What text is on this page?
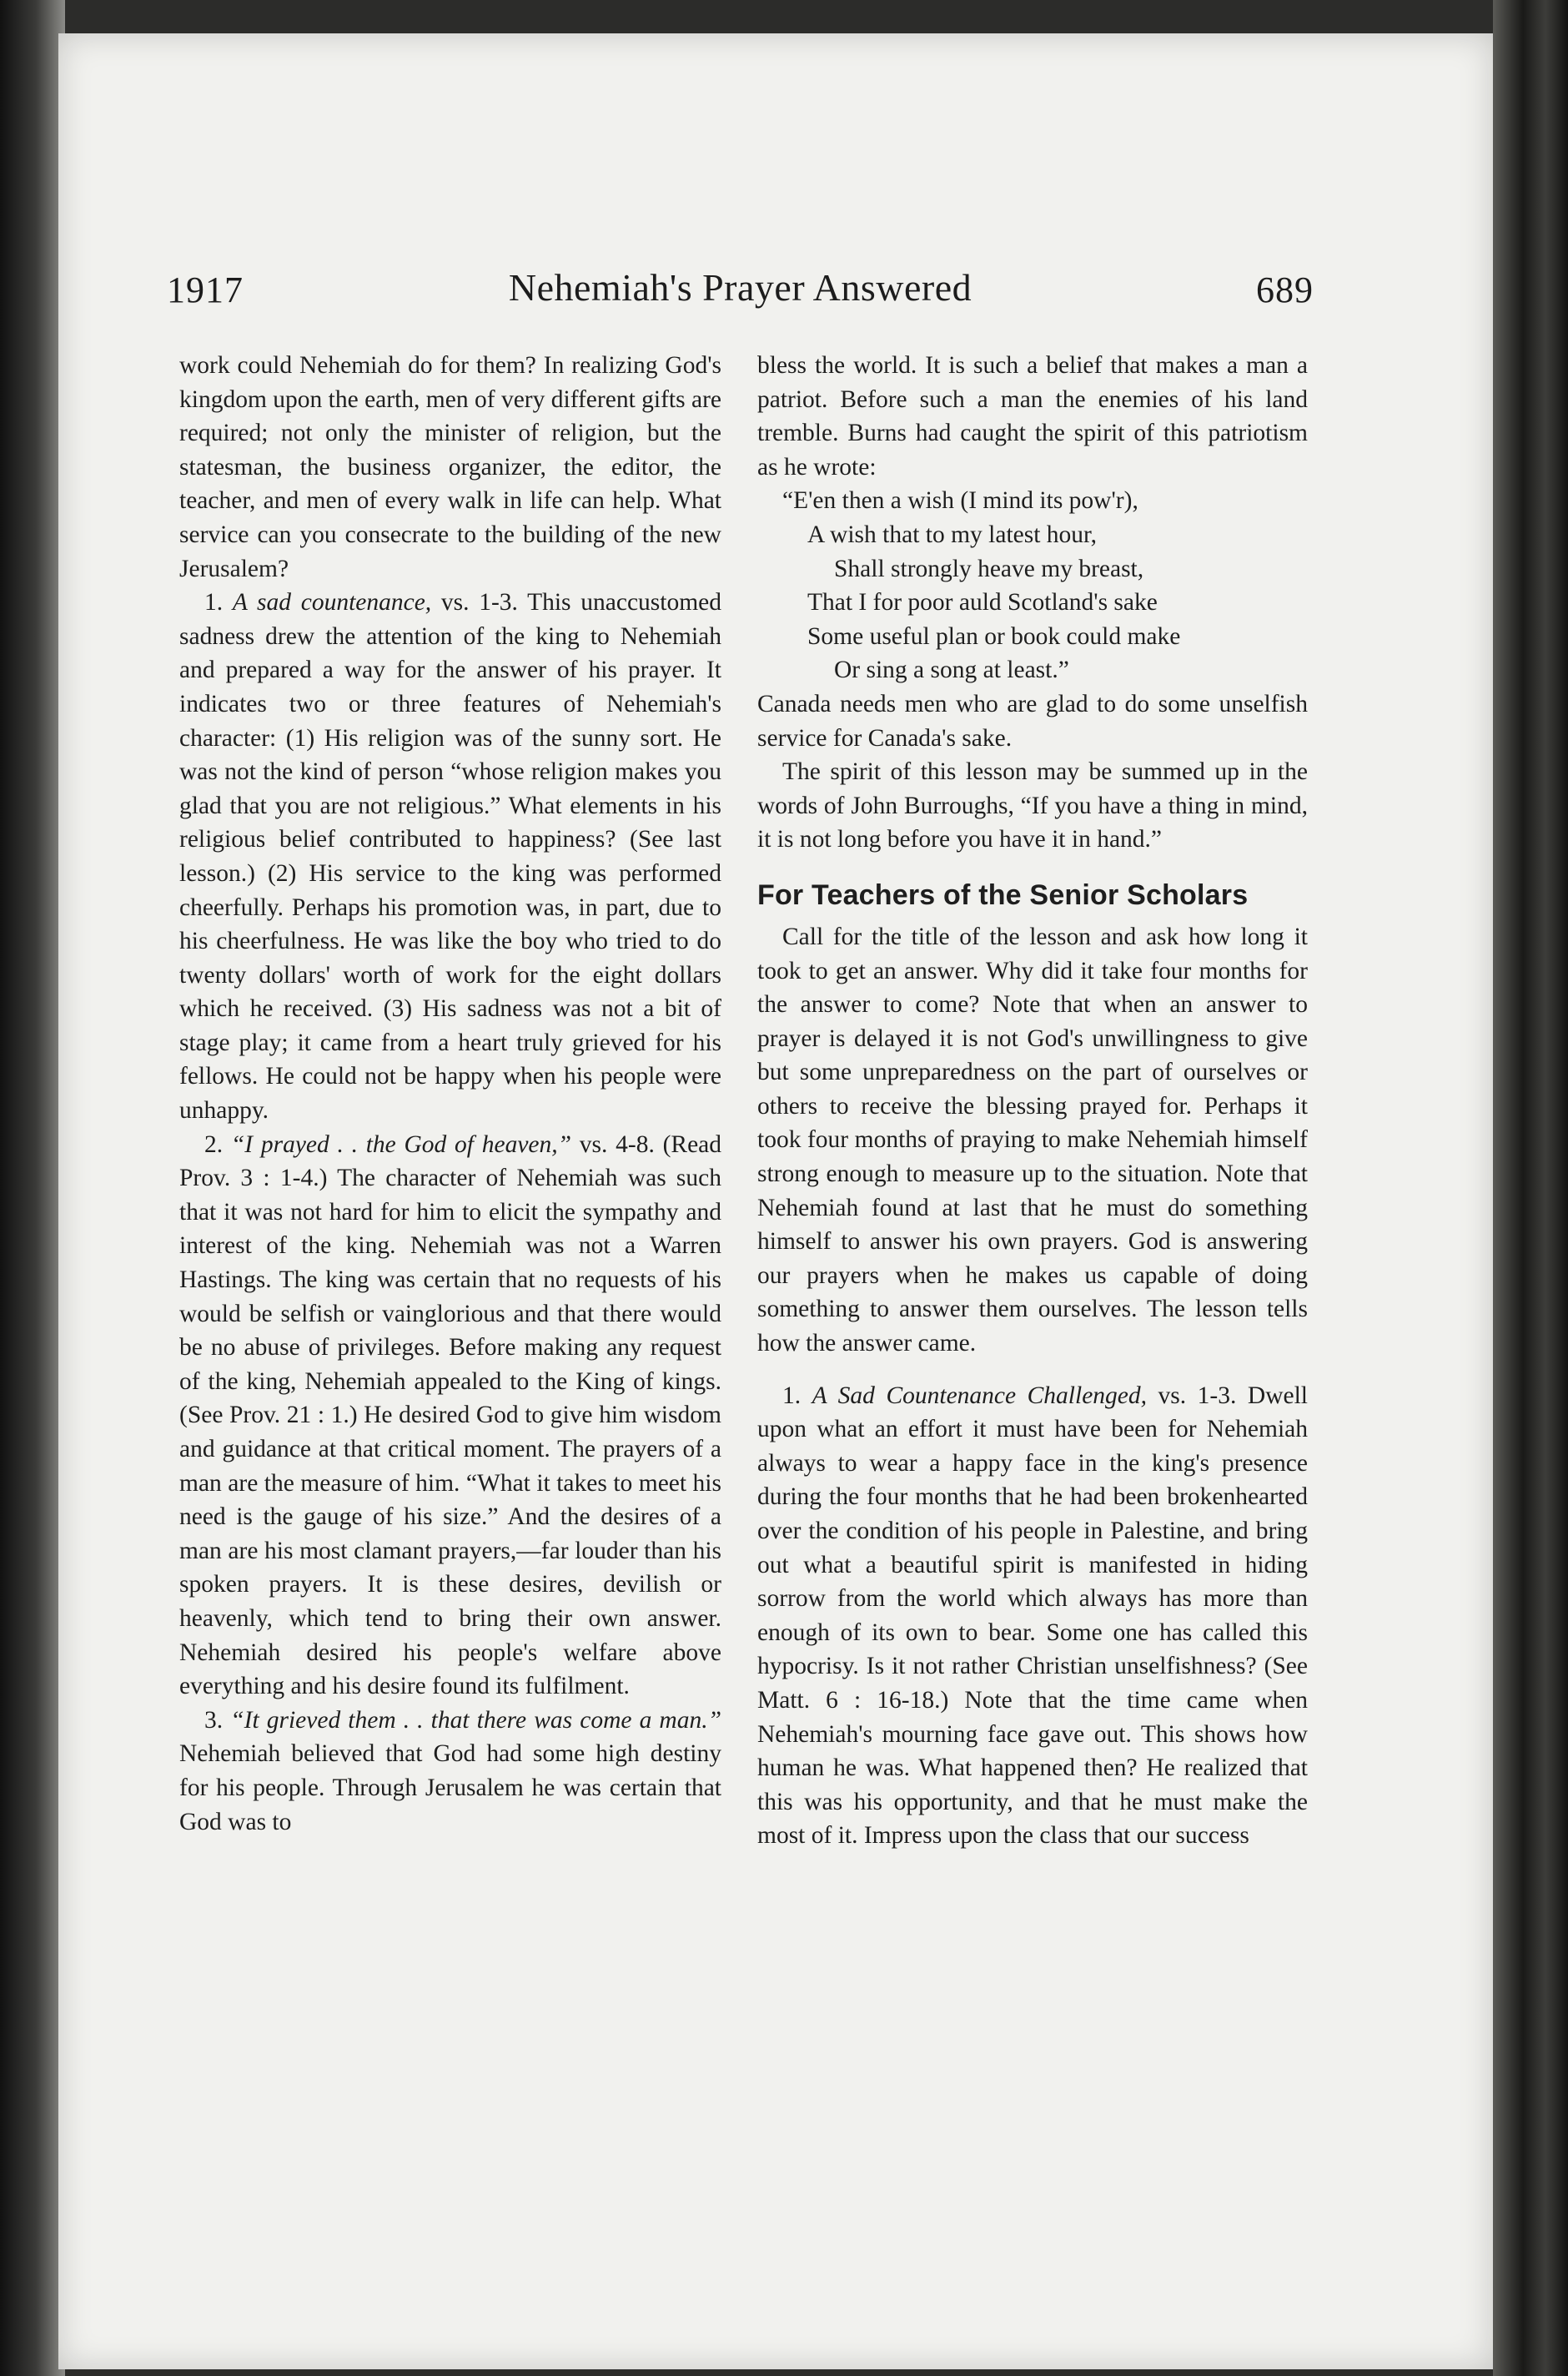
1917	Nehemiah's Prayer Answered	689

work could Nehemiah do for them? In realizing God's kingdom upon the earth, men of very different gifts are required; not only the minister of religion, but the statesman, the business organizer, the editor, the teacher, and men of every walk in life can help. What service can you consecrate to the building of the new Jerusalem?

1. A sad countenance, vs. 1-3. This unaccustomed sadness drew the attention of the king to Nehemiah and prepared a way for the answer of his prayer. It indicates two or three features of Nehemiah's character: (1) His religion was of the sunny sort. He was not the kind of person “whose religion makes you glad that you are not religious.” What elements in his religious belief contributed to happiness? (See last lesson.) (2) His service to the king was performed cheerfully. Perhaps his promotion was, in part, due to his cheerfulness. He was like the boy who tried to do twenty dollars' worth of work for the eight dollars which he received. (3) His sadness was not a bit of stage play; it came from a heart truly grieved for his fellows. He could not be happy when his people were unhappy.

2. “I prayed . . the God of heaven,” vs. 4-8. (Read Prov. 3 : 1-4.) The character of Nehemiah was such that it was not hard for him to elicit the sympathy and interest of the king. Nehemiah was not a Warren Hastings. The king was certain that no requests of his would be selfish or vainglorious and that there would be no abuse of privileges. Before making any request of the king, Nehemiah appealed to the King of kings. (See Prov. 21 : 1.) He desired God to give him wisdom and guidance at that critical moment. The prayers of a man are the measure of him. “What it takes to meet his need is the gauge of his size.” And the desires of a man are his most clamant prayers,—far louder than his spoken prayers. It is these desires, devilish or heavenly, which tend to bring their own answer. Nehemiah desired his people's welfare above everything and his desire found its fulfilment.

3. “It grieved them . . that there was come a man.” Nehemiah believed that God had some high destiny for his people. Through Jerusalem he was certain that God was to

bless the world. It is such a belief that makes a man a patriot. Before such a man the enemies of his land tremble. Burns had caught the spirit of this patriotism as he wrote:

“E'en then a wish (I mind its pow'r),
A wish that to my latest hour,
Shall strongly heave my breast,
That I for poor auld Scotland's sake
Some useful plan or book could make
Or sing a song at least.”

Canada needs men who are glad to do some unselfish service for Canada's sake.

The spirit of this lesson may be summed up in the words of John Burroughs, “If you have a thing in mind, it is not long before you have it in hand.”

For Teachers of the Senior Scholars

Call for the title of the lesson and ask how long it took to get an answer. Why did it take four months for the answer to come? Note that when an answer to prayer is delayed it is not God's unwillingness to give but some unpreparedness on the part of ourselves or others to receive the blessing prayed for. Perhaps it took four months of praying to make Nehemiah himself strong enough to measure up to the situation. Note that Nehemiah found at last that he must do something himself to answer his own prayers. God is answering our prayers when he makes us capable of doing something to answer them ourselves. The lesson tells how the answer came.

1. A Sad Countenance Challenged, vs. 1-3. Dwell upon what an effort it must have been for Nehemiah always to wear a happy face in the king's presence during the four months that he had been brokenhearted over the condition of his people in Palestine, and bring out what a beautiful spirit is manifested in hiding sorrow from the world which always has more than enough of its own to bear. Some one has called this hypocrisy. Is it not rather Christian unselfishness? (See Matt. 6 : 16-18.) Note that the time came when Nehemiah's mourning face gave out. This shows how human he was. What happened then? He realized that this was his opportunity, and that he must make the most of it. Impress upon the class that our success
